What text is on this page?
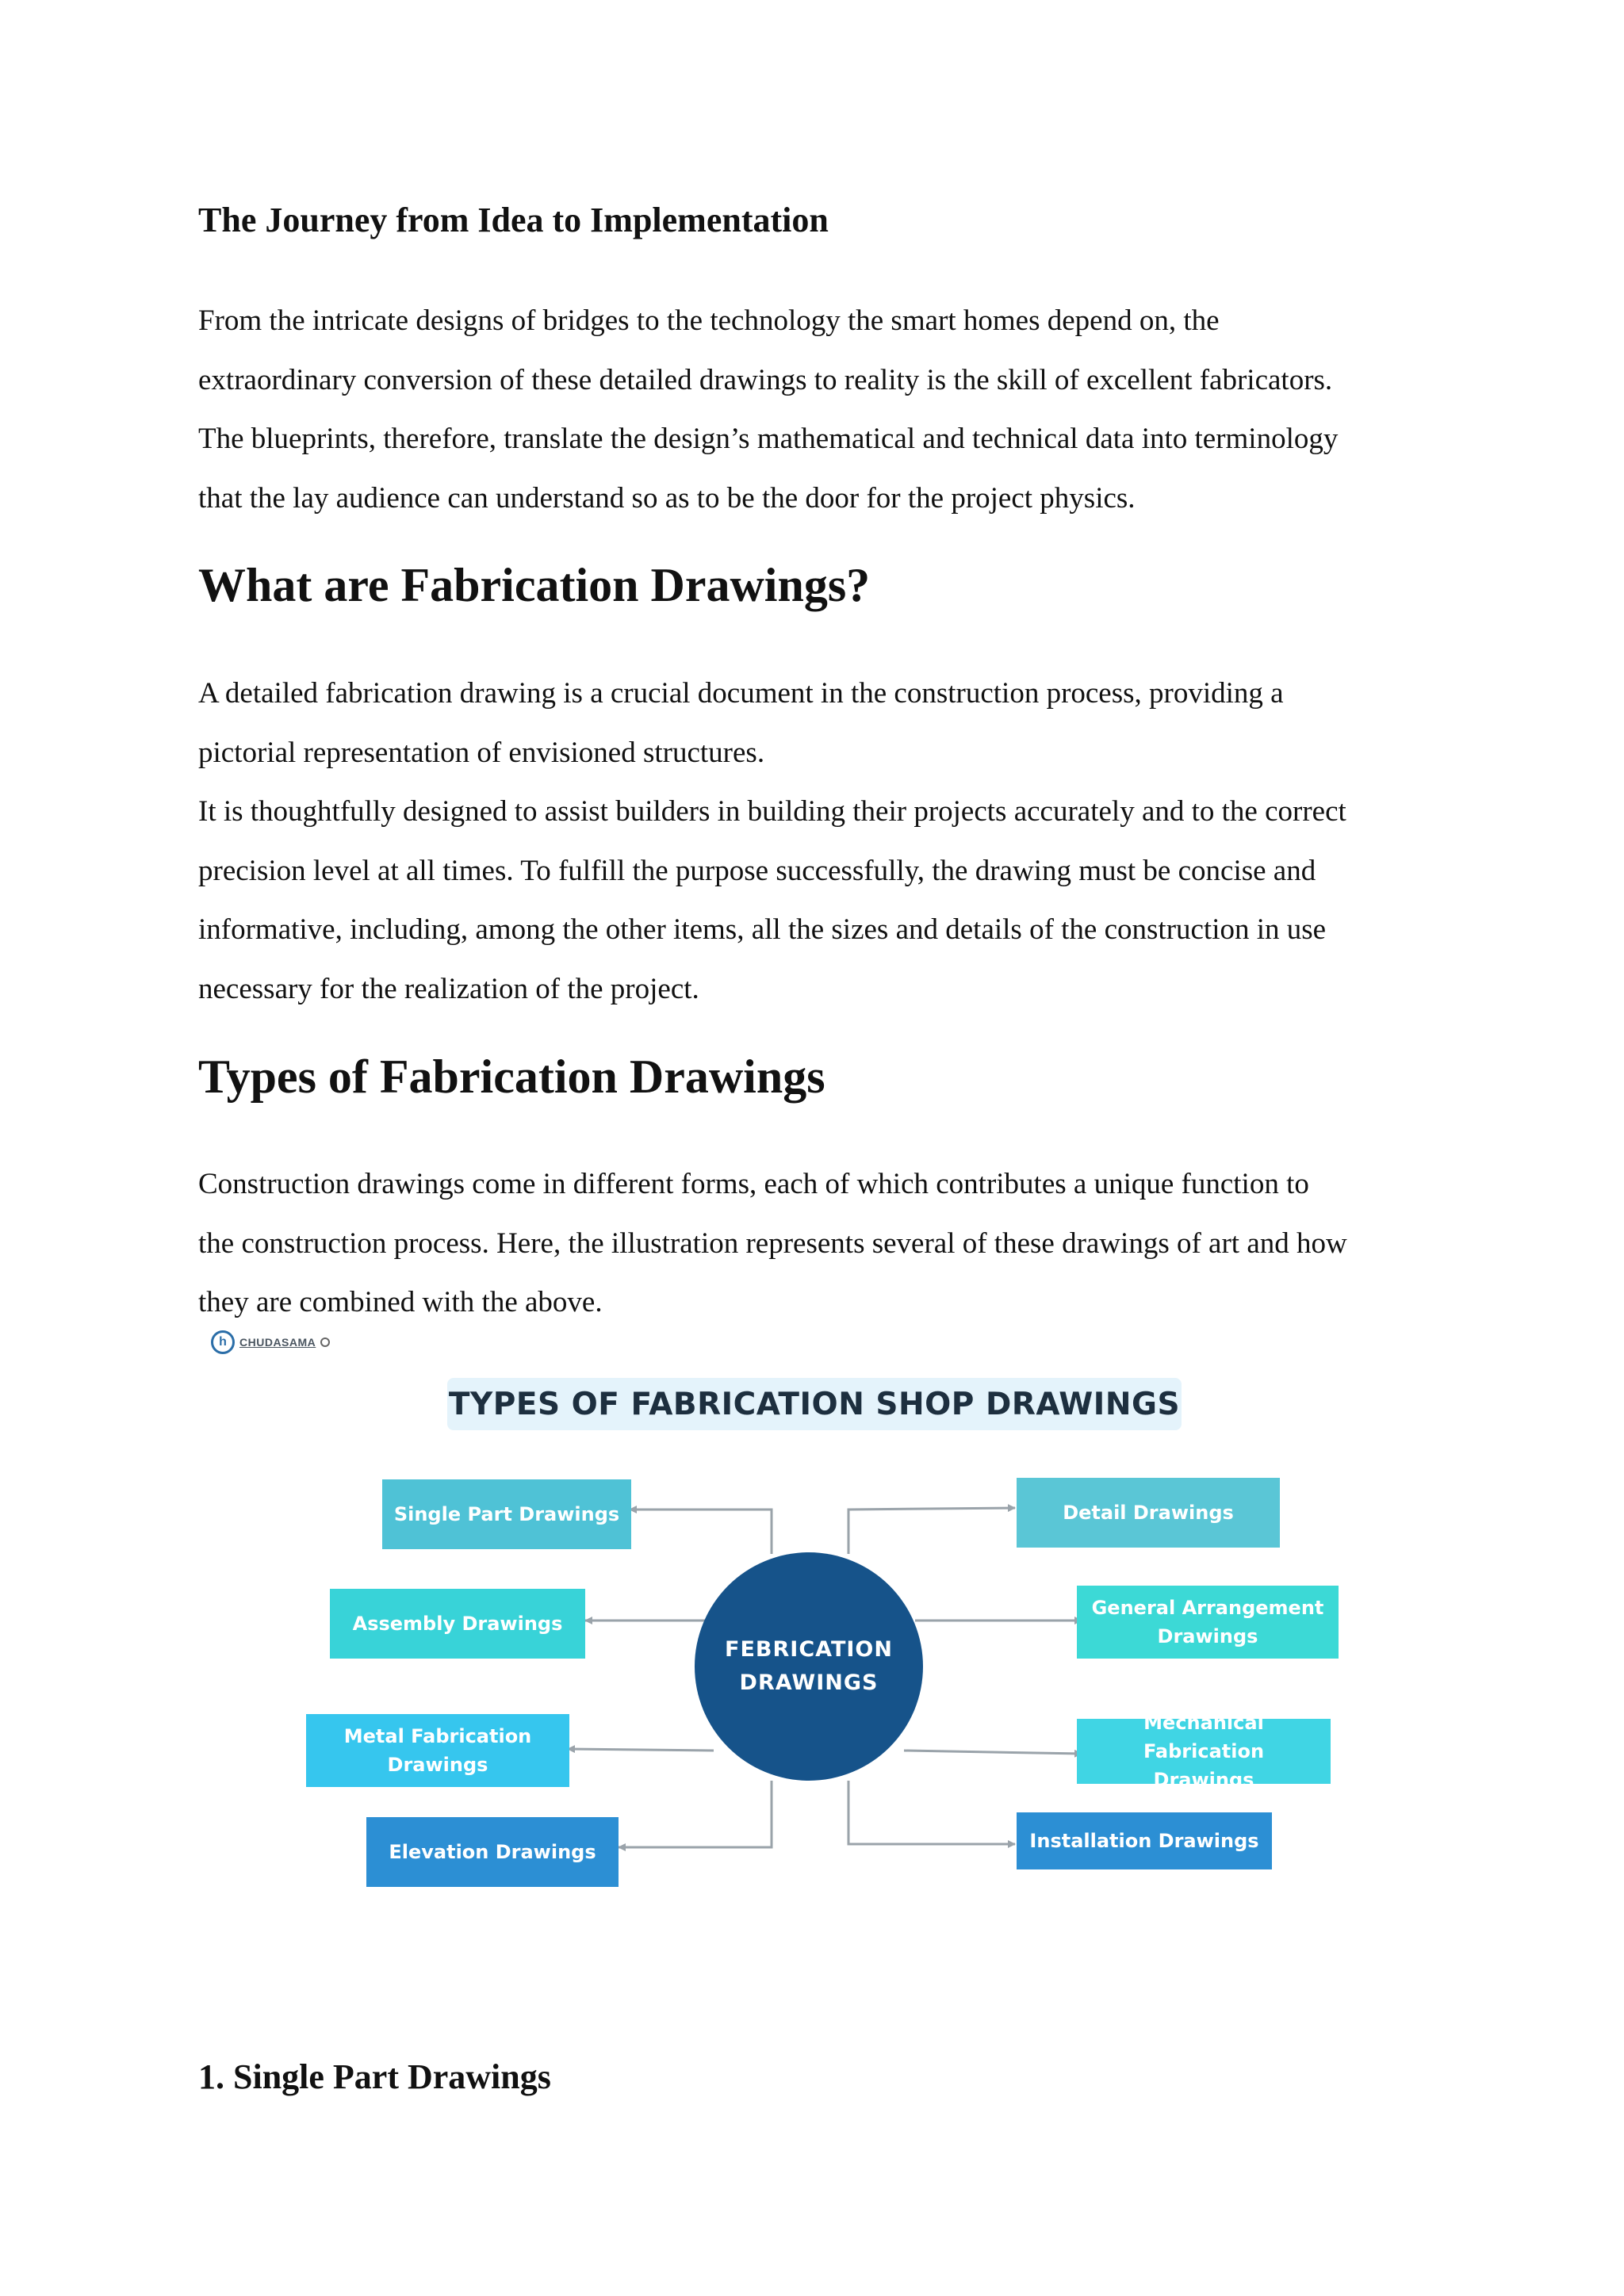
The Journey from Idea to Implementation

From the intricate designs of bridges to the technology the smart homes depend on, the
extraordinary conversion of these detailed drawings to reality is the skill of excellent fabricators.
The blueprints, therefore, translate the design’s mathematical and technical data into terminology
that the lay audience can understand so as to be the door for the project physics.

What are Fabrication Drawings?

A detailed fabrication drawing is a crucial document in the construction process, providing a
pictorial representation of envisioned structures.
It is thoughtfully designed to assist builders in building their projects accurately and to the correct
precision level at all times. To fulfill the purpose successfully, the drawing must be concise and
informative, including, among the other items, all the sizes and details of the construction in use
necessary for the realization of the project.

Types of Fabrication Drawings

Construction drawings come in different forms, each of which contributes a unique function to
the construction process. Here, the illustration represents several of these drawings of art and how
they are combined with the above.

h	CHUDASAMA
TYPES OF FABRICATION SHOP DRAWINGS
Single Part Drawings
Assembly Drawings
Metal Fabrication
Drawings
Elevation Drawings
Detail Drawings
General Arrangement
Drawings
Mechanical Fabrication
Drawings
Installation Drawings
FEBRICATION
DRAWINGS
1. Single Part Drawings
